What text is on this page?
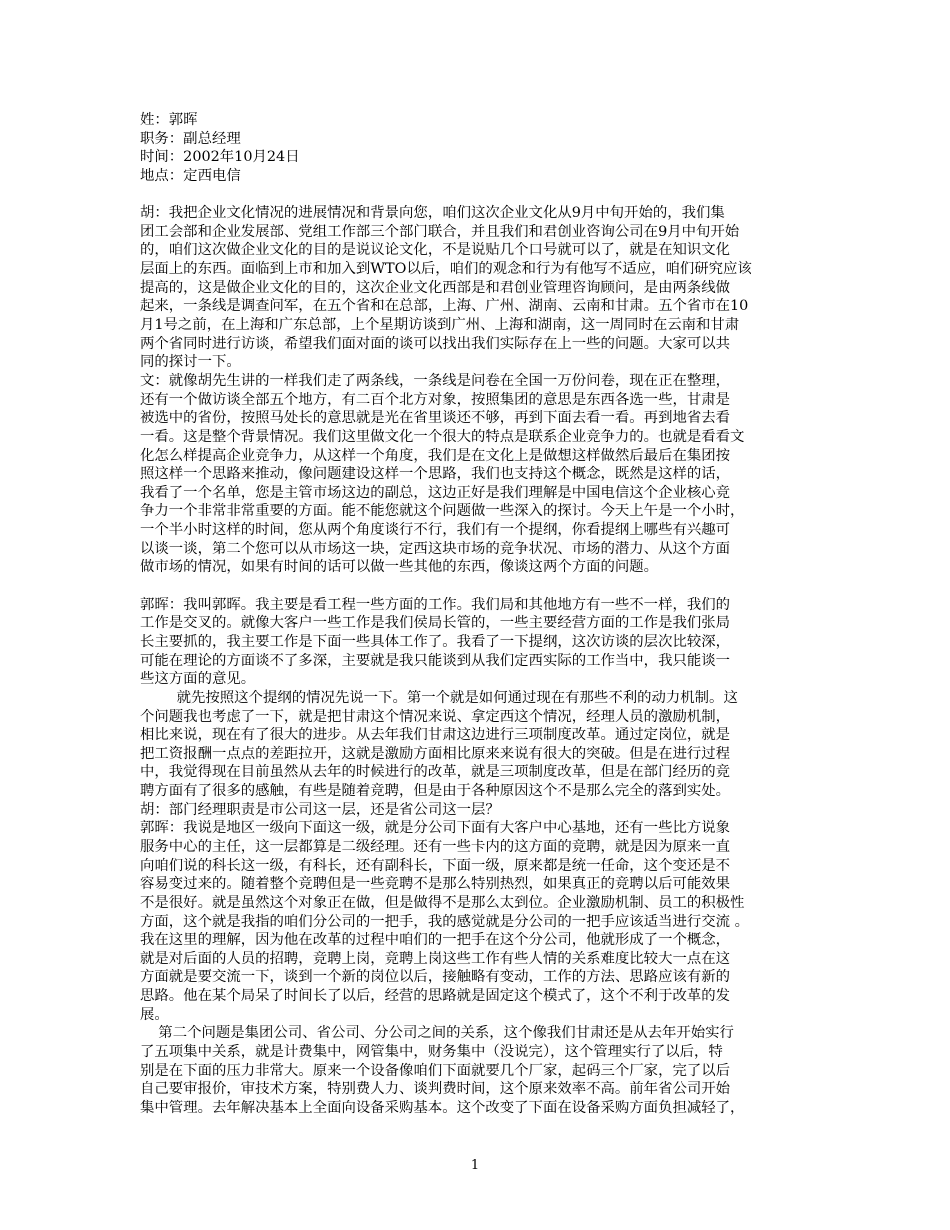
姓：郭晖
职务：副总经理
时间：2002年10月24日
地点：定西电信
胡：我把企业文化情况的进展情况和背景向您，咱们这次企业文化从9月中旬开始的，我们集
团工会部和企业发展部、党组工作部三个部门联合，并且我们和君创业咨询公司在9月中旬开始
的，咱们这次做企业文化的目的是说议论文化，不是说贴几个口号就可以了，就是在知识文化
层面上的东西。面临到上市和加入到WTO以后，咱们的观念和行为有他写不适应，咱们研究应该
提高的，这是做企业文化的目的，这次企业文化西部是和君创业管理咨询顾问，是由两条线做
起来，一条线是调查问军，在五个省和在总部，上海、广州、湖南、云南和甘肃。五个省市在10
月1号之前，在上海和广东总部，上个星期访谈到广州、上海和湖南，这一周同时在云南和甘肃
两个省同时进行访谈，希望我们面对面的谈可以找出我们实际存在上一些的问题。大家可以共
同的探讨一下。
文：就像胡先生讲的一样我们走了两条线，一条线是问卷在全国一万份问卷，现在正在整理，
还有一个做访谈全部五个地方，有二百个北方对象，按照集团的意思是东西各选一些，甘肃是
被选中的省份，按照马处长的意思就是光在省里谈还不够，再到下面去看一看。再到地省去看
一看。这是整个背景情况。我们这里做文化一个很大的特点是联系企业竞争力的。也就是看看文
化怎么样提高企业竞争力，从这样一个角度，我们是在文化上是做想这样做然后最后在集团按
照这样一个思路来推动，像问题建设这样一个思路，我们也支持这个概念，既然是这样的话，
我看了一个名单，您是主管市场这边的副总，这边正好是我们理解是中国电信这个企业核心竞
争力一个非常非常重要的方面。能不能您就这个问题做一些深入的探讨。今天上午是一个小时，
一个半小时这样的时间，您从两个角度谈行不行，我们有一个提纲，你看提纲上哪些有兴趣可
以谈一谈，第二个您可以从市场这一块，定西这块市场的竞争状况、市场的潜力、从这个方面
做市场的情况，如果有时间的话可以做一些其他的东西，像谈这两个方面的问题。
郭晖：我叫郭晖。我主要是看工程一些方面的工作。我们局和其他地方有一些不一样，我们的
工作是交叉的。就像大客户一些工作是我们侯局长管的，一些主要经营方面的工作是我们张局
长主要抓的，我主要工作是下面一些具体工作了。我看了一下提纲，这次访谈的层次比较深，
可能在理论的方面谈不了多深，主要就是我只能谈到从我们定西实际的工作当中，我只能谈一
些这方面的意见。
就先按照这个提纲的情况先说一下。第一个就是如何通过现在有那些不利的动力机制。这
个问题我也考虑了一下，就是把甘肃这个情况来说、拿定西这个情况，经理人员的激励机制，
相比来说，现在有了很大的进步。从去年我们甘肃这边进行三项制度改革。通过定岗位，就是
把工资报酬一点点的差距拉开，这就是激励方面相比原来来说有很大的突破。但是在进行过程
中，我觉得现在目前虽然从去年的时候进行的改革，就是三项制度改革，但是在部门经历的竞
聘方面有了很多的感触，有些是随着竞聘，但是由于各种原因这个不是那么完全的落到实处。
胡：部门经理职责是市公司这一层，还是省公司这一层？
郭晖：我说是地区一级向下面这一级，就是分公司下面有大客户中心基地，还有一些比方说象
服务中心的主任，这一层都算是二级经理。还有一些卡内的这方面的竞聘，就是因为原来一直
向咱们说的科长这一级，有科长，还有副科长，下面一级，原来都是统一任命，这个变还是不
容易变过来的。随着整个竞聘但是一些竞聘不是那么特别热烈，如果真正的竞聘以后可能效果
不是很好。就是虽然这个对象正在做，但是做得不是那么太到位。企业激励机制、员工的积极性
方面，这个就是我指的咱们分公司的一把手，我的感觉就是分公司的一把手应该适当进行交流 。
我在这里的理解，因为他在改革的过程中咱们的一把手在这个分公司，他就形成了一个概念，
就是对后面的人员的招聘，竞聘上岗，竞聘上岗这些工作有些人情的关系难度比较大一点在这
方面就是要交流一下，谈到一个新的岗位以后，接触略有变动，工作的方法、思路应该有新的
思路。他在某个局呆了时间长了以后，经营的思路就是固定这个模式了，这个不利于改革的发
展。
第二个问题是集团公司、省公司、分公司之间的关系，这个像我们甘肃还是从去年开始实行
了五项集中关系，就是计费集中，网管集中，财务集中（没说完），这个管理实行了以后，特
别是在下面的压力非常大。原来一个设备像咱们下面就要几个厂家，起码三个厂家，完了以后
自己要审报价，审技术方案，特别费人力、谈判费时间，这个原来效率不高。前年省公司开始
集中管理。去年解决基本上全面向设备采购基本。这个改变了下面在设备采购方面负担减轻了，
1
